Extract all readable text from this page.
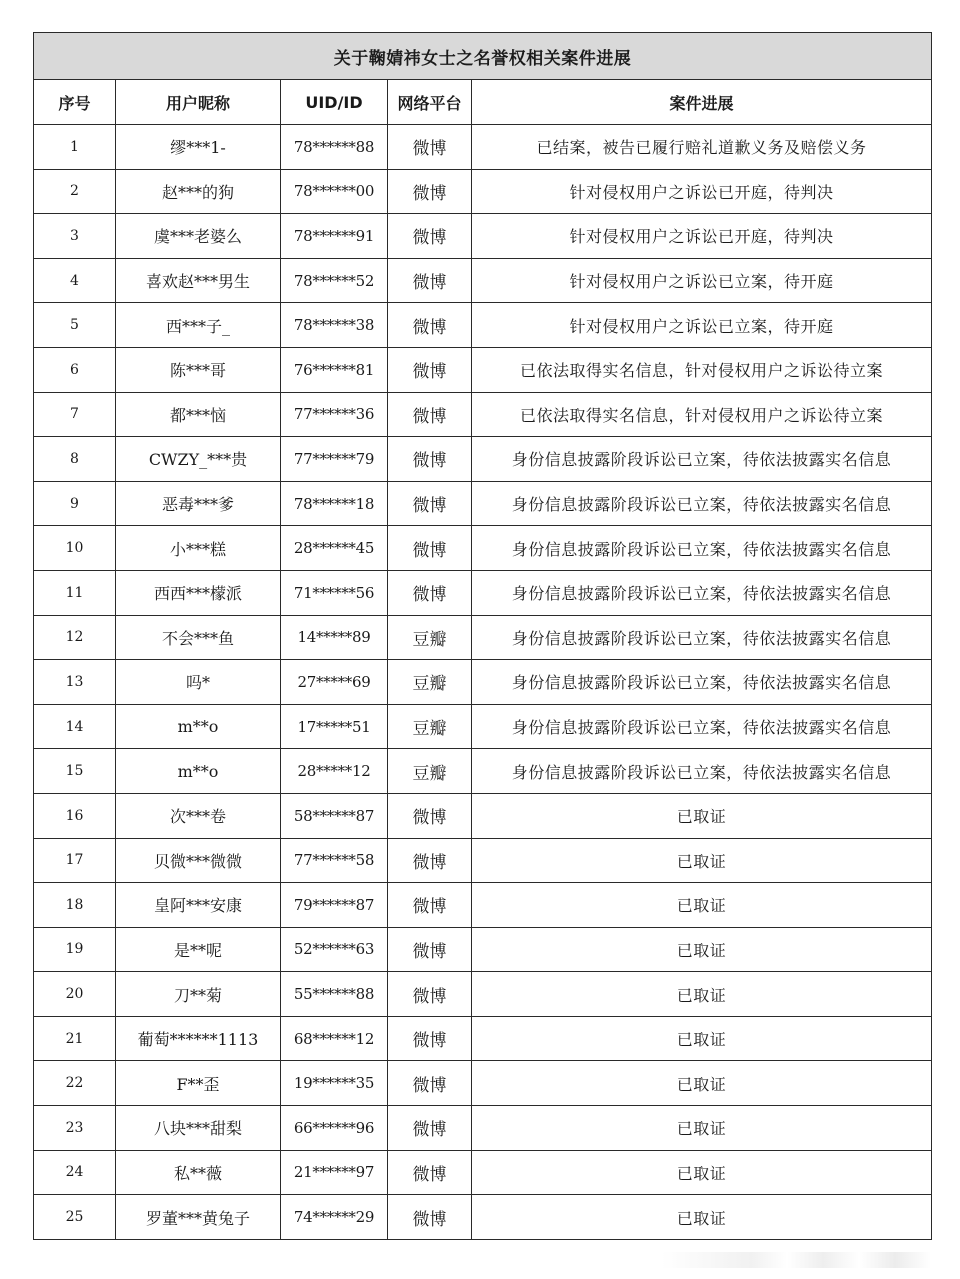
关于鞠婧祎女士之名誉权相关案件进展				
序号	用户昵称	UID/ID	网络平台	案件进展
1	缪***1-	78******88	微博	已结案，被告已履行赔礼道歉义务及赔偿义务
2	赵***的狗	78******00	微博	针对侵权用户之诉讼已开庭，待判决
3	虞***老婆么	78******91	微博	针对侵权用户之诉讼已开庭，待判决
4	喜欢赵***男生	78******52	微博	针对侵权用户之诉讼已立案，待开庭
5	西***子_	78******38	微博	针对侵权用户之诉讼已立案，待开庭
6	陈***哥	76******81	微博	已依法取得实名信息，针对侵权用户之诉讼待立案
7	都***恼	77******36	微博	已依法取得实名信息，针对侵权用户之诉讼待立案
8	CWZY_***贵	77******79	微博	身份信息披露阶段诉讼已立案，待依法披露实名信息
9	恶毒***爹	78******18	微博	身份信息披露阶段诉讼已立案，待依法披露实名信息
10	小***糕	28******45	微博	身份信息披露阶段诉讼已立案，待依法披露实名信息
11	西西***檬派	71******56	微博	身份信息披露阶段诉讼已立案，待依法披露实名信息
12	不会***鱼	14*****89	豆瓣	身份信息披露阶段诉讼已立案，待依法披露实名信息
13	吗*	27*****69	豆瓣	身份信息披露阶段诉讼已立案，待依法披露实名信息
14	m**o	17*****51	豆瓣	身份信息披露阶段诉讼已立案，待依法披露实名信息
15	m**o	28*****12	豆瓣	身份信息披露阶段诉讼已立案，待依法披露实名信息
16	次***卷	58******87	微博	已取证
17	贝微***微微	77******58	微博	已取证
18	皇阿***安康	79******87	微博	已取证
19	是**呢	52******63	微博	已取证
20	刀**菊	55******88	微博	已取证
21	葡萄******1113	68******12	微博	已取证
22	F**歪	19******35	微博	已取证
23	八块***甜梨	66******96	微博	已取证
24	私**薇	21******97	微博	已取证
25	罗董***黄兔子	74******29	微博	已取证
